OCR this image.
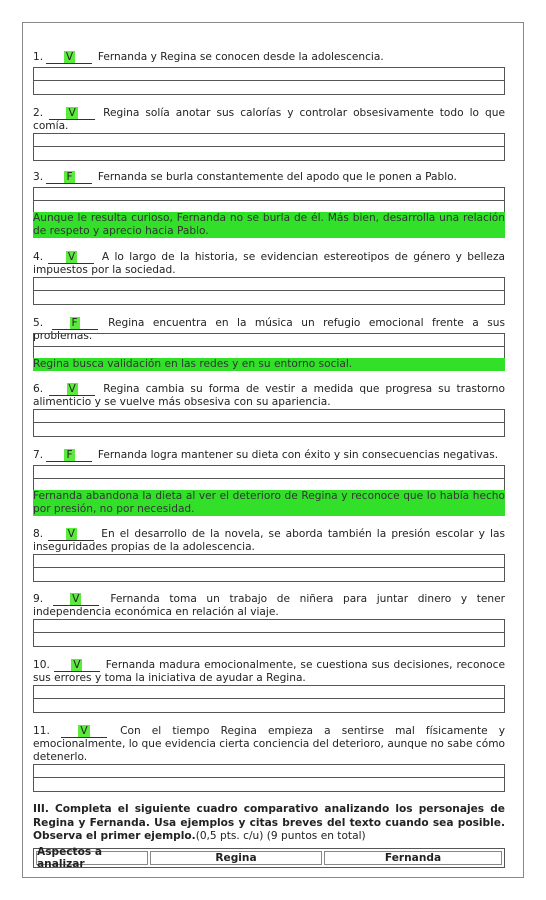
1. V Fernanda y Regina se conocen desde la adolescencia.
2. V	Regina solía anotar sus calorías y controlar obsesivamente todo lo que comía.
3. F Fernanda se burla constantemente del apodo que le ponen a Pablo.
Aunque le resulta curioso, Fernanda no se burla de él. Más bien, desarrolla una relación de respeto y aprecio hacia Pablo.
4. V	A lo largo de la historia, se evidencian estereotipos de género y belleza impuestos por la sociedad.
5.	F	Regina encuentra en la música un refugio emocional frente a sus problemas.
Regina busca validación en las redes y en su entorno social.
6. V	Regina cambia su forma de vestir a medida que progresa su trastorno alimenticio y se vuelve más obsesiva con su apariencia.
7. F Fernanda logra mantener su dieta con éxito y sin consecuencias negativas.
Fernanda abandona la dieta al ver el deterioro de Regina y reconoce que lo había hecho por presión, no por necesidad.
8. V En el desarrollo de la novela, se aborda también la presión escolar y las inseguridades propias de la adolescencia.
9.	V	Fernanda toma un trabajo de niñera para juntar dinero y tener independencia económica en relación al viaje.
10. V Fernanda madura emocionalmente, se cuestiona sus decisiones, reconoce sus errores y toma la iniciativa de ayudar a Regina.
11.	V	Con el tiempo Regina empieza a sentirse mal físicamente y emocionalmente, lo que evidencia cierta conciencia del deterioro, aunque no sabe cómo detenerlo.
III. Completa el siguiente cuadro comparativo analizando los personajes de Regina y Fernanda. Usa ejemplos y citas breves del texto cuando sea posible. Observa el primer ejemplo.(0,5 pts. c/u) (9 puntos en total)
Aspectos a analizar	Regina	Fernanda
